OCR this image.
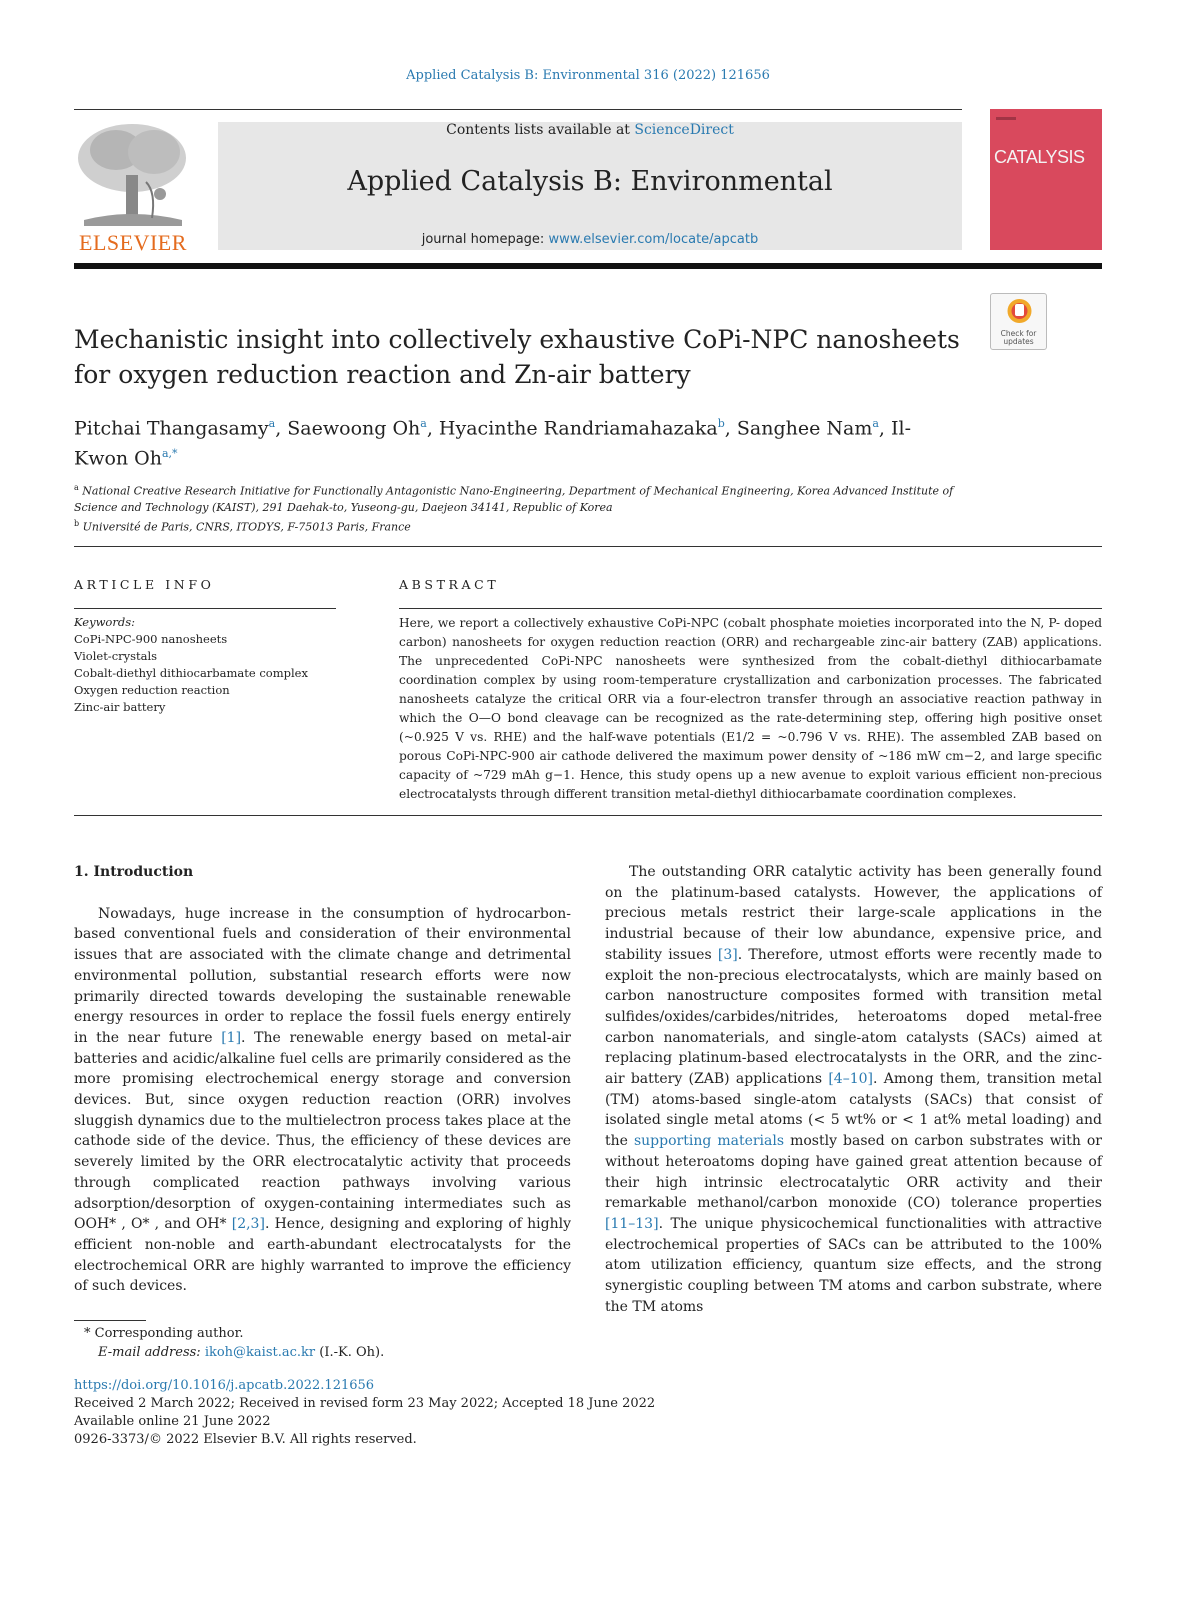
Applied Catalysis B: Environmental 316 (2022) 121656
ELSEVIER
Contents lists available at ScienceDirect
Applied Catalysis B: Environmental
journal homepage: www.elsevier.com/locate/apcatb
CATALYSIS
Check for updates
Mechanistic insight into collectively exhaustive CoPi-NPC nanosheets for oxygen reduction reaction and Zn-air battery
Pitchai Thangasamy$^a$, Saewoong Oh$^a$, Hyacinthe Randriamahazaka$^b$, Sanghee Nam$^a$, Il-Kwon $Oh^{a,*}$
$^a$ National Creative Research Initiative for Functionally Antagonistic Nano-Engineering, Department of Mechanical Engineering, Korea Advanced Institute of Science and Technology (KAIST), 291 Daehak-to, Yuseong-gu, Daejeon 34141, Republic of Korea
$^b$ Université de Paris, CNRS, ITODYS, F-75013 Paris, France
ARTICLE INFO	ABSTRACT
Keywords:
CoPi-NPC-900 nanosheets
Violet-crystals
Cobalt-diethyl dithiocarbamate complex
Oxygen reduction reaction
Zinc-air battery
Here, we report a collectively exhaustive CoPi-NPC (cobalt phosphate moieties incorporated into the N, P- doped carbon) nanosheets for oxygen reduction reaction (ORR) and rechargeable zinc-air battery (ZAB) applications. The unprecedented CoPi-NPC nanosheets were synthesized from the cobalt-diethyl dithiocarbamate coordination complex by using room-temperature crystallization and carbonization processes. The fabricated nanosheets catalyze the critical ORR via a four-electron transfer through an associative reaction pathway in which the O—O bond cleavage can be recognized as the rate-determining step, offering high positive onset (~0.925 V vs. RHE) and the half-wave potentials (E1/2 = ~0.796 V vs. RHE). The assembled ZAB based on porous CoPi-NPC-900 air cathode delivered the maximum power density of ~186 mW cm−2, and large specific capacity of ~729 mAh g−1. Hence, this study opens up a new avenue to exploit various efficient non-precious electrocatalysts through different transition metal-diethyl dithiocarbamate coordination complexes.
1. Introduction

Nowadays, huge increase in the consumption of hydrocarbon-based conventional fuels and consideration of their environmental issues that are associated with the climate change and detrimental environmental pollution, substantial research efforts were now primarily directed towards developing the sustainable renewable energy resources in order to replace the fossil fuels energy entirely in the near future [1]. The renewable energy based on metal-air batteries and acidic/alkaline fuel cells are primarily considered as the more promising electrochemical energy storage and conversion devices. But, since oxygen reduction reaction (ORR) involves sluggish dynamics due to the multielectron process takes place at the cathode side of the device. Thus, the efficiency of these devices are severely limited by the ORR electrocatalytic activity that proceeds through complicated reaction pathways involving various adsorption/desorption of oxygen-containing intermediates such as OOH* , O* , and OH* [2,3]. Hence, designing and exploring of highly efficient non-noble and earth-abundant electrocatalysts for the electrochemical ORR are highly warranted to improve the efficiency of such devices.

The outstanding ORR catalytic activity has been generally found on the platinum-based catalysts. However, the applications of precious metals restrict their large-scale applications in the industrial because of their low abundance, expensive price, and stability issues [3]. Therefore, utmost efforts were recently made to exploit the non-precious electrocatalysts, which are mainly based on carbon nanostructure composites formed with transition metal sulfides/oxides/carbides/nitrides, heteroatoms doped metal-free carbon nanomaterials, and single-atom catalysts (SACs) aimed at replacing platinum-based electrocatalysts in the ORR, and the zinc-air battery (ZAB) applications [4–10]. Among them, transition metal (TM) atoms-based single-atom catalysts (SACs) that consist of isolated single metal atoms (< 5 wt% or < 1 at% metal loading) and the supporting materials mostly based on carbon substrates with or without heteroatoms doping have gained great attention because of their high intrinsic electrocatalytic ORR activity and their remarkable methanol/carbon monoxide (CO) tolerance properties [11–13]. The unique physicochemical functionalities with attractive electrochemical properties of SACs can be attributed to the 100% atom utilization efficiency, quantum size effects, and the strong synergistic coupling between TM atoms and carbon substrate, where the TM atoms

* Corresponding author.
E-mail address: ikoh@kaist.ac.kr (I.-K. Oh).
https://doi.org/10.1016/j.apcatb.2022.121656
Received 2 March 2022; Received in revised form 23 May 2022; Accepted 18 June 2022
Available online 21 June 2022
0926-3373/© 2022 Elsevier B.V. All rights reserved.
